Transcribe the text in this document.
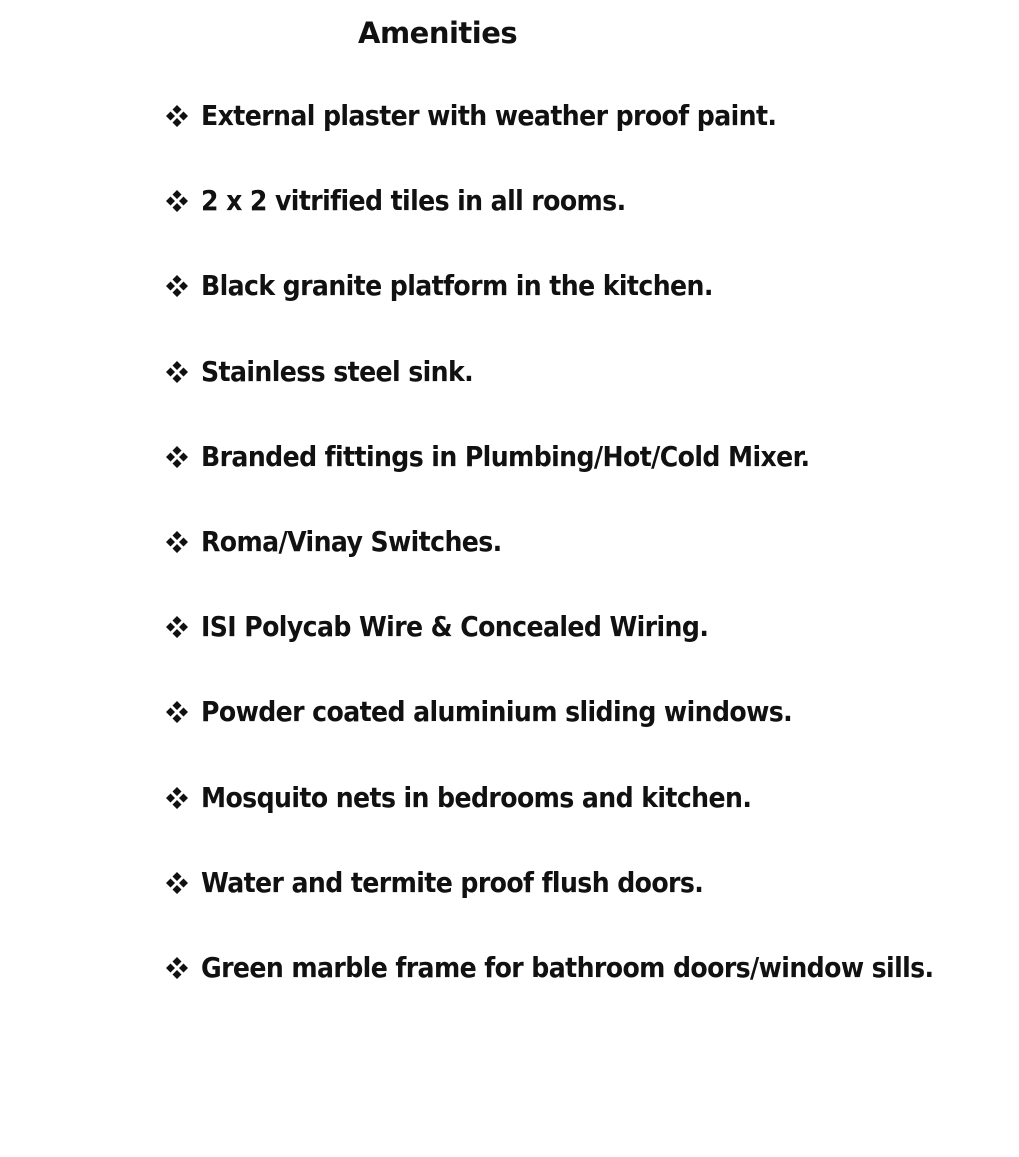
Amenities
External plaster with weather proof paint.
2 x 2 vitrified tiles in all rooms.
Black granite platform in the kitchen.
Stainless steel sink.
Branded fittings in Plumbing/Hot/Cold Mixer.
Roma/Vinay Switches.
ISI Polycab Wire & Concealed Wiring.
Powder coated aluminium sliding windows.
Mosquito nets in bedrooms and kitchen.
Water and termite proof flush doors.
Green marble frame for bathroom doors/window sills.
